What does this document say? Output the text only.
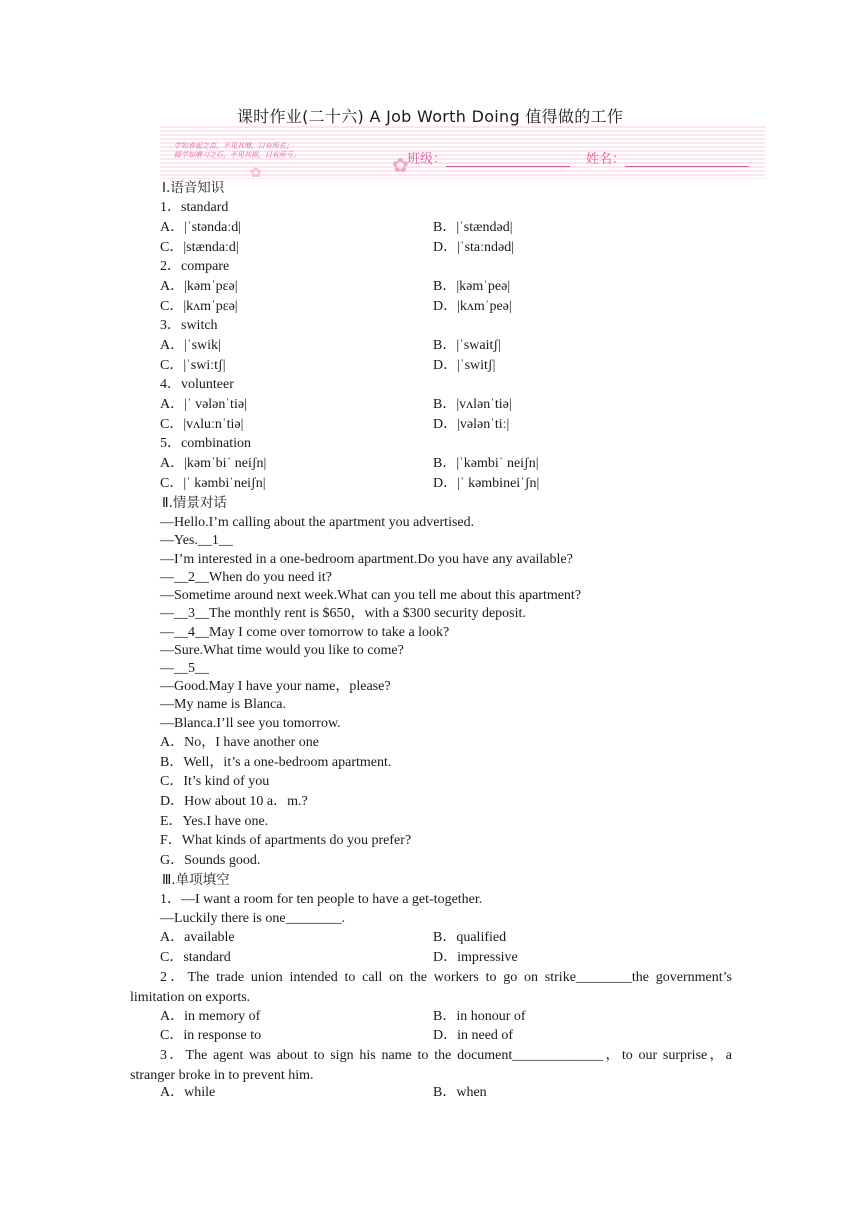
课时作业(二十六) A Job Worth Doing 值得做的工作
学如春起之苗，不见其增，日有所长；
辍学如磨刀之石，不见其损，日有所亏。	✿
✿
班级：	姓名：
Ⅰ.语音知识
1．standard
A．|ˈstəndaːd|	B．|ˈstændəd|
C．|stændaːd|	D．|ˈstaːndəd|
2．compare
A．|kəmˈpεə|	B．|kəmˈpeə|
C．|kʌmˈpεə|	D．|kʌmˈpeə|
3．switch
A．|ˈswik|	B．|ˈswaitʃ|
C．|ˈswiːtʃ|	D．|ˈswitʃ|
4．volunteer
A．|ˈ vələnˈtiə|	B．|vʌlənˈtiə|
C．|vʌluːnˈtiə|	D．|vələnˈtiː|
5．combination
A．|kəmˈbiˈ neiʃn|	B．|ˈkəmbiˈ neiʃn|
C．|ˈ kəmbiˈneiʃn|	D．|ˈ kəmbineiˈʃn|
Ⅱ.情景对话
—Hello.I’m calling about the apartment you advertised.
—Yes.__1__
—I’m interested in a one-bedroom apartment.Do you have any available?
—__2__When do you need it?
—Sometime around next week.What can you tell me about this apartment?
—__3__The monthly rent is $650，with a $300 security deposit.
—__4__May I come over tomorrow to take a look?
—Sure.What time would you like to come?
—__5__
—Good.May I have your name，please?
—My name is Blanca.
—Blanca.I’ll see you tomorrow.
A．No，I have another one
B．Well，it’s a one-bedroom apartment.
C．It’s kind of you
D．How about 10 a．m.?
E．Yes.I have one.
F．What kinds of apartments do you prefer?
G．Sounds good.
Ⅲ.单项填空
1．—I want a room for ten people to have a get-together.
—Luckily there is one________.
A．available	B．qualified
C．standard	D．impressive
2．The trade union intended to call on the workers to go on strike________the government’s limitation on exports.
A．in memory of	B．in honour of
C．in response to	D．in need of
3．The agent was about to sign his name to the document_____________，to our surprise，a stranger broke in to prevent him.
A．while	B．when
